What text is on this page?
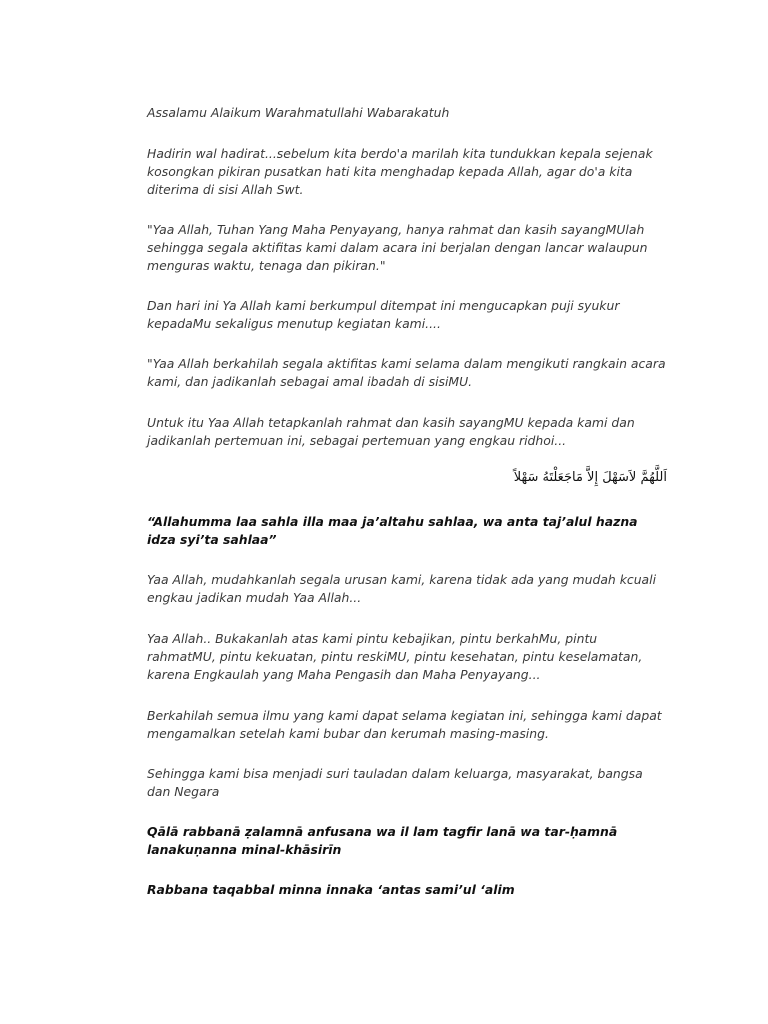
Assalamu Alaikum Warahmatullahi Wabarakatuh

Hadirin wal hadirat...sebelum kita berdo'a marilah kita tundukkan kepala sejenak kosongkan pikiran pusatkan hati kita menghadap kepada Allah, agar do'a kita diterima di sisi Allah Swt.

"Yaa Allah, Tuhan Yang Maha Penyayang, hanya rahmat dan kasih sayangMUlah sehingga segala aktifitas kami dalam acara ini berjalan dengan lancar walaupun menguras waktu, tenaga dan pikiran."

Dan hari ini Ya Allah kami berkumpul ditempat ini mengucapkan puji syukur kepadaMu sekaligus menutup kegiatan kami....

"Yaa Allah berkahilah segala aktifitas kami selama dalam mengikuti rangkain acara kami, dan jadikanlah sebagai amal ibadah di sisiMU.

Untuk itu Yaa Allah tetapkanlah rahmat dan kasih sayangMU kepada kami dan jadikanlah pertemuan ini, sebagai pertemuan yang engkau ridhoi...

اَللَّهُمَّ لاَسَهْلَ إِلاَّ مَاجَعَلْتَهُ سَهْلاً

“Allahumma laa sahla illa maa ja’altahu sahlaa, wa anta taj’alul hazna idza syi’ta sahlaa”

Yaa Allah, mudahkanlah segala urusan kami, karena tidak ada yang mudah kcuali engkau jadikan mudah Yaa Allah...

Yaa Allah.. Bukakanlah atas kami pintu kebajikan, pintu berkahMu, pintu rahmatMU, pintu kekuatan, pintu reskiMU, pintu kesehatan, pintu keselamatan, karena Engkaulah yang Maha Pengasih dan Maha Penyayang...

Berkahilah semua ilmu yang kami dapat selama kegiatan ini, sehingga kami dapat mengamalkan setelah kami bubar dan kerumah masing-masing.

Sehingga kami bisa menjadi suri tauladan dalam keluarga, masyarakat, bangsa dan Negara

Qālā rabbanā ẓalamnā anfusana wa il lam tagfir lanā wa tar-ḥamnā lanakuṇanna minal-khāsirīn

Rabbana taqabbal minna innaka ‘antas sami’ul ‘alim
